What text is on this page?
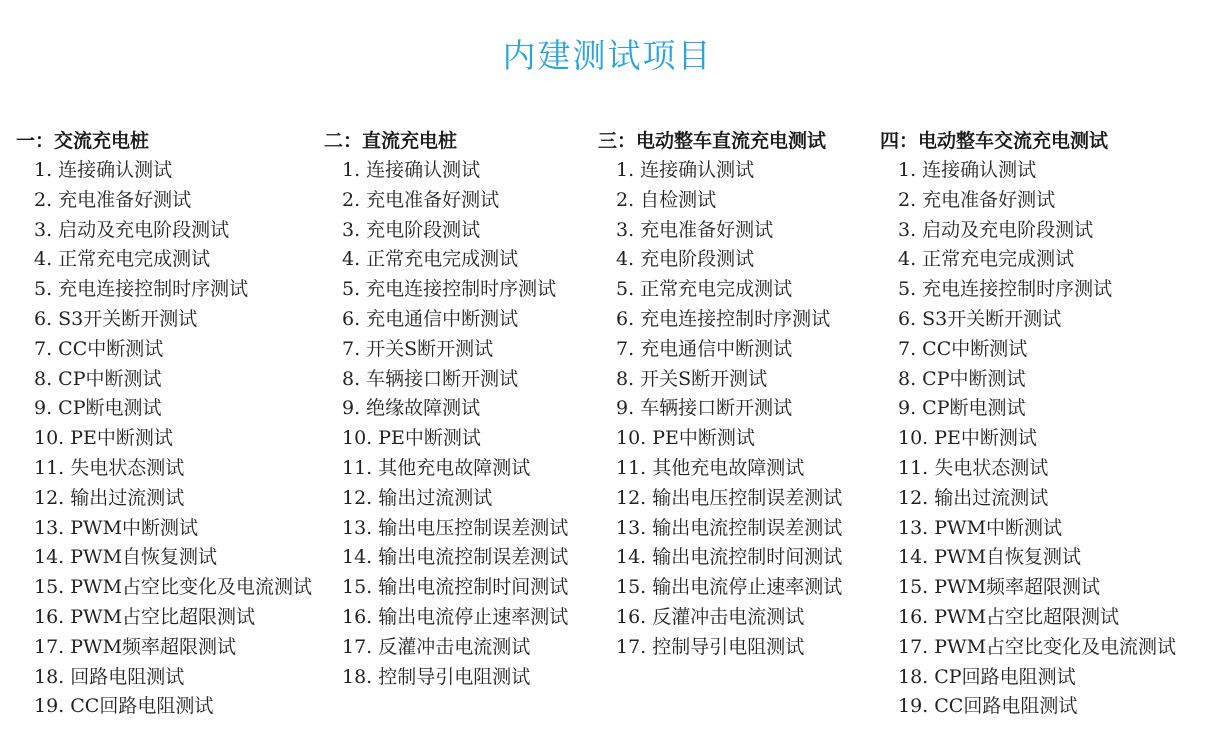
内建测试项目
一：交流充电桩
1. 连接确认测试
2. 充电准备好测试
3. 启动及充电阶段测试
4. 正常充电完成测试
5. 充电连接控制时序测试
6. S3开关断开测试
7. CC中断测试
8. CP中断测试
9. CP断电测试
10. PE中断测试
11. 失电状态测试
12. 输出过流测试
13. PWM中断测试
14. PWM自恢复测试
15. PWM占空比变化及电流测试
16. PWM占空比超限测试
17. PWM频率超限测试
18. 回路电阻测试
19. CC回路电阻测试
二：直流充电桩
1. 连接确认测试
2. 充电准备好测试
3. 充电阶段测试
4. 正常充电完成测试
5. 充电连接控制时序测试
6. 充电通信中断测试
7. 开关S断开测试
8. 车辆接口断开测试
9. 绝缘故障测试
10. PE中断测试
11. 其他充电故障测试
12. 输出过流测试
13. 输出电压控制误差测试
14. 输出电流控制误差测试
15. 输出电流控制时间测试
16. 输出电流停止速率测试
17. 反灌冲击电流测试
18. 控制导引电阻测试
三：电动整车直流充电测试
1. 连接确认测试
2. 自检测试
3. 充电准备好测试
4. 充电阶段测试
5. 正常充电完成测试
6. 充电连接控制时序测试
7. 充电通信中断测试
8. 开关S断开测试
9. 车辆接口断开测试
10. PE中断测试
11. 其他充电故障测试
12. 输出电压控制误差测试
13. 输出电流控制误差测试
14. 输出电流控制时间测试
15. 输出电流停止速率测试
16. 反灌冲击电流测试
17. 控制导引电阻测试
四：电动整车交流充电测试
1. 连接确认测试
2. 充电准备好测试
3. 启动及充电阶段测试
4. 正常充电完成测试
5. 充电连接控制时序测试
6. S3开关断开测试
7. CC中断测试
8. CP中断测试
9. CP断电测试
10. PE中断测试
11. 失电状态测试
12. 输出过流测试
13. PWM中断测试
14. PWM自恢复测试
15. PWM频率超限测试
16. PWM占空比超限测试
17. PWM占空比变化及电流测试
18. CP回路电阻测试
19. CC回路电阻测试
